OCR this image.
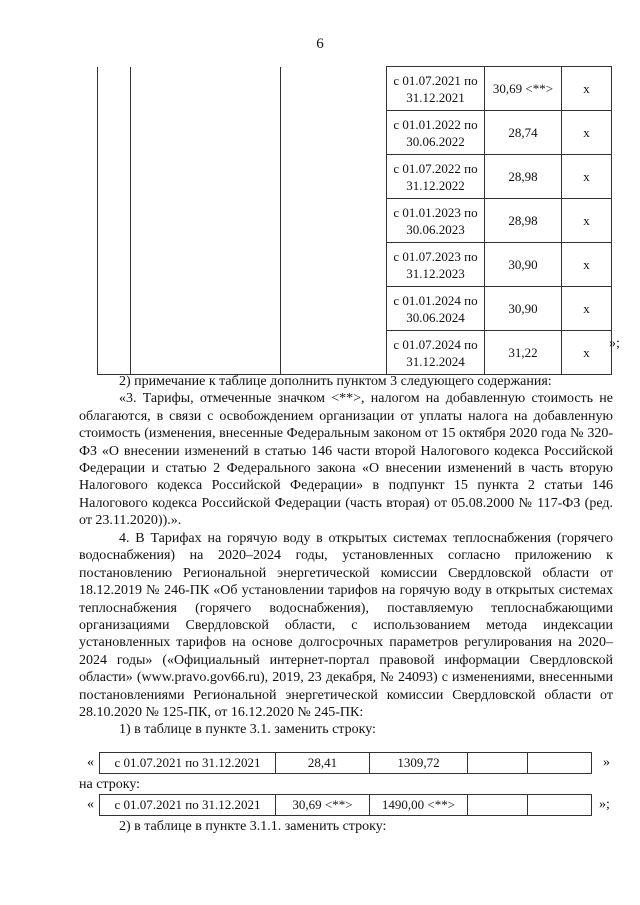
6
			с 01.07.2021 по 31.12.2021	30,69 <**>	х
			с 01.01.2022 по 30.06.2022	28,74	х
			с 01.07.2022 по 31.12.2022	28,98	х
			с 01.01.2023 по 30.06.2023	28,98	х
			с 01.07.2023 по 31.12.2023	30,90	х
			с 01.01.2024 по 30.06.2024	30,90	х
			с 01.07.2024 по 31.12.2024	31,22	х
»;

2) примечание к таблице дополнить пунктом 3 следующего содержания:

«3. Тарифы, отмеченные значком <**>, налогом на добавленную стоимость не облагаются, в связи с освобождением организации от уплаты налога на добавленную стоимость (изменения, внесенные Федеральным законом от 15 октября 2020 года № 320-ФЗ «О внесении изменений в статью 146 части второй Налогового кодекса Российской Федерации и статью 2 Федерального закона «О внесении изменений в часть вторую Налогового кодекса Российской Федерации» в подпункт 15 пункта 2 статьи 146 Налогового кодекса Российской Федерации (часть вторая) от 05.08.2000 № 117-ФЗ (ред. от 23.11.2020)).».

4. В Тарифах на горячую воду в открытых системах теплоснабжения (горячего водоснабжения) на 2020–2024 годы, установленных согласно приложению к постановлению Региональной энергетической комиссии Свердловской области от 18.12.2019 № 246-ПК «Об установлении тарифов на горячую воду в открытых системах теплоснабжения (горячего водоснабжения), поставляемую теплоснабжающими организациями Свердловской области, с использованием метода индексации установленных тарифов на основе долгосрочных параметров регулирования на 2020–2024 годы» («Официальный интернет-портал правовой информации Свердловской области» (www.pravo.gov66.ru), 2019, 23 декабря, № 24093) с изменениями, внесенными постановлениями Региональной энергетической комиссии Свердловской области от 28.10.2020 № 125-ПК, от 16.12.2020 № 245-ПК:

1) в таблице в пункте 3.1. заменить строку:

« с 01.07.2021 по 31.12.2021	28,41	1309,72			»
на строку:
« с 01.07.2021 по 31.12.2021	30,69 <**>	1490,00 <**>			»;

2) в таблице в пункте 3.1.1. заменить строку:
